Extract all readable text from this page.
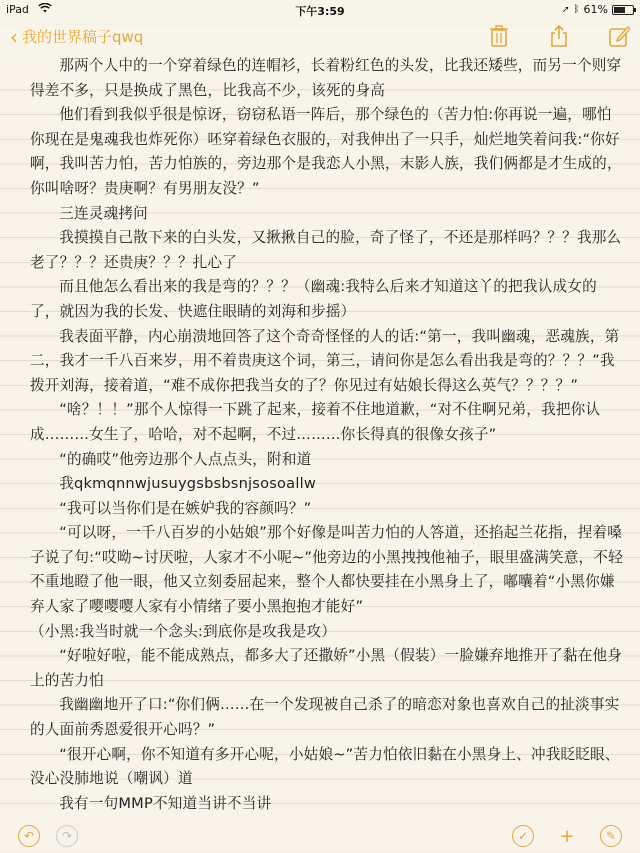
iPad	下午3:59	➚ ᛒ 61%
‹ 我的世界稿子qwq

那两个人中的一个穿着绿色的连帽衫，长着粉红色的头发，比我还矮些，而另一个则穿得差不多，只是换成了黑色，比我高不少，该死的身高

他们看到我似乎很是惊讶，窃窃私语一阵后，那个绿色的（苦力怕:你再说一遍，哪怕你现在是鬼魂我也炸死你）呸穿着绿色衣服的，对我伸出了一只手，灿烂地笑着问我:“你好啊，我叫苦力怕，苦力怕族的，旁边那个是我恋人小黑，末影人族，我们俩都是才生成的，你叫啥呀？贵庚啊？有男朋友没？”

三连灵魂拷问

我摸摸自己散下来的白头发，又揪揪自己的脸，奇了怪了，不还是那样吗？？？我那么老了？？？还贵庚？？？扎心了

而且他怎么看出来的我是弯的？？？（幽魂:我特么后来才知道这丫的把我认成女的了，就因为我的长发、快遮住眼睛的刘海和步摇）

我表面平静，内心崩溃地回答了这个奇奇怪怪的人的话:“第一，我叫幽魂，恶魂族，第二，我才一千八百来岁，用不着贵庚这个词，第三，请问你是怎么看出我是弯的？？？”我拨开刘海，接着道，“难不成你把我当女的了？你见过有姑娘长得这么英气？？？？”

“啥？！！”那个人惊得一下跳了起来，接着不住地道歉，“对不住啊兄弟，我把你认成………女生了，哈哈，对不起啊，不过………你长得真的很像女孩子”

“的确哎”他旁边那个人点点头，附和道

我qkmqnnwjusuygsbsbsnjsosoallw

“我可以当你们是在嫉妒我的容颜吗？”

“可以呀，一千八百岁的小姑娘”那个好像是叫苦力怕的人答道，还掐起兰花指，捏着嗓子说了句:“哎呦~讨厌啦，人家才不小呢~”他旁边的小黑拽拽他袖子，眼里盛满笑意，不轻不重地瞪了他一眼，他又立刻委屈起来，整个人都快要挂在小黑身上了，嘟囔着“小黑你嫌弃人家了嘤嘤嘤人家有小情绪了要小黑抱抱才能好”

（小黑:我当时就一个念头:到底你是攻我是攻）

“好啦好啦，能不能成熟点，都多大了还撒娇”小黑（假装）一脸嫌弃地推开了黏在他身上的苦力怕

我幽幽地开了口:“你们俩……在一个发现被自己杀了的暗恋对象也喜欢自己的扯淡事实的人面前秀恩爱很开心吗？”

“很开心啊，你不知道有多开心呢，小姑娘~”苦力怕依旧黏在小黑身上、冲我眨眨眼、没心没肺地说（嘲讽）道

我有一句MMP不知道当讲不当讲

↶	↷	✓	+	✎
